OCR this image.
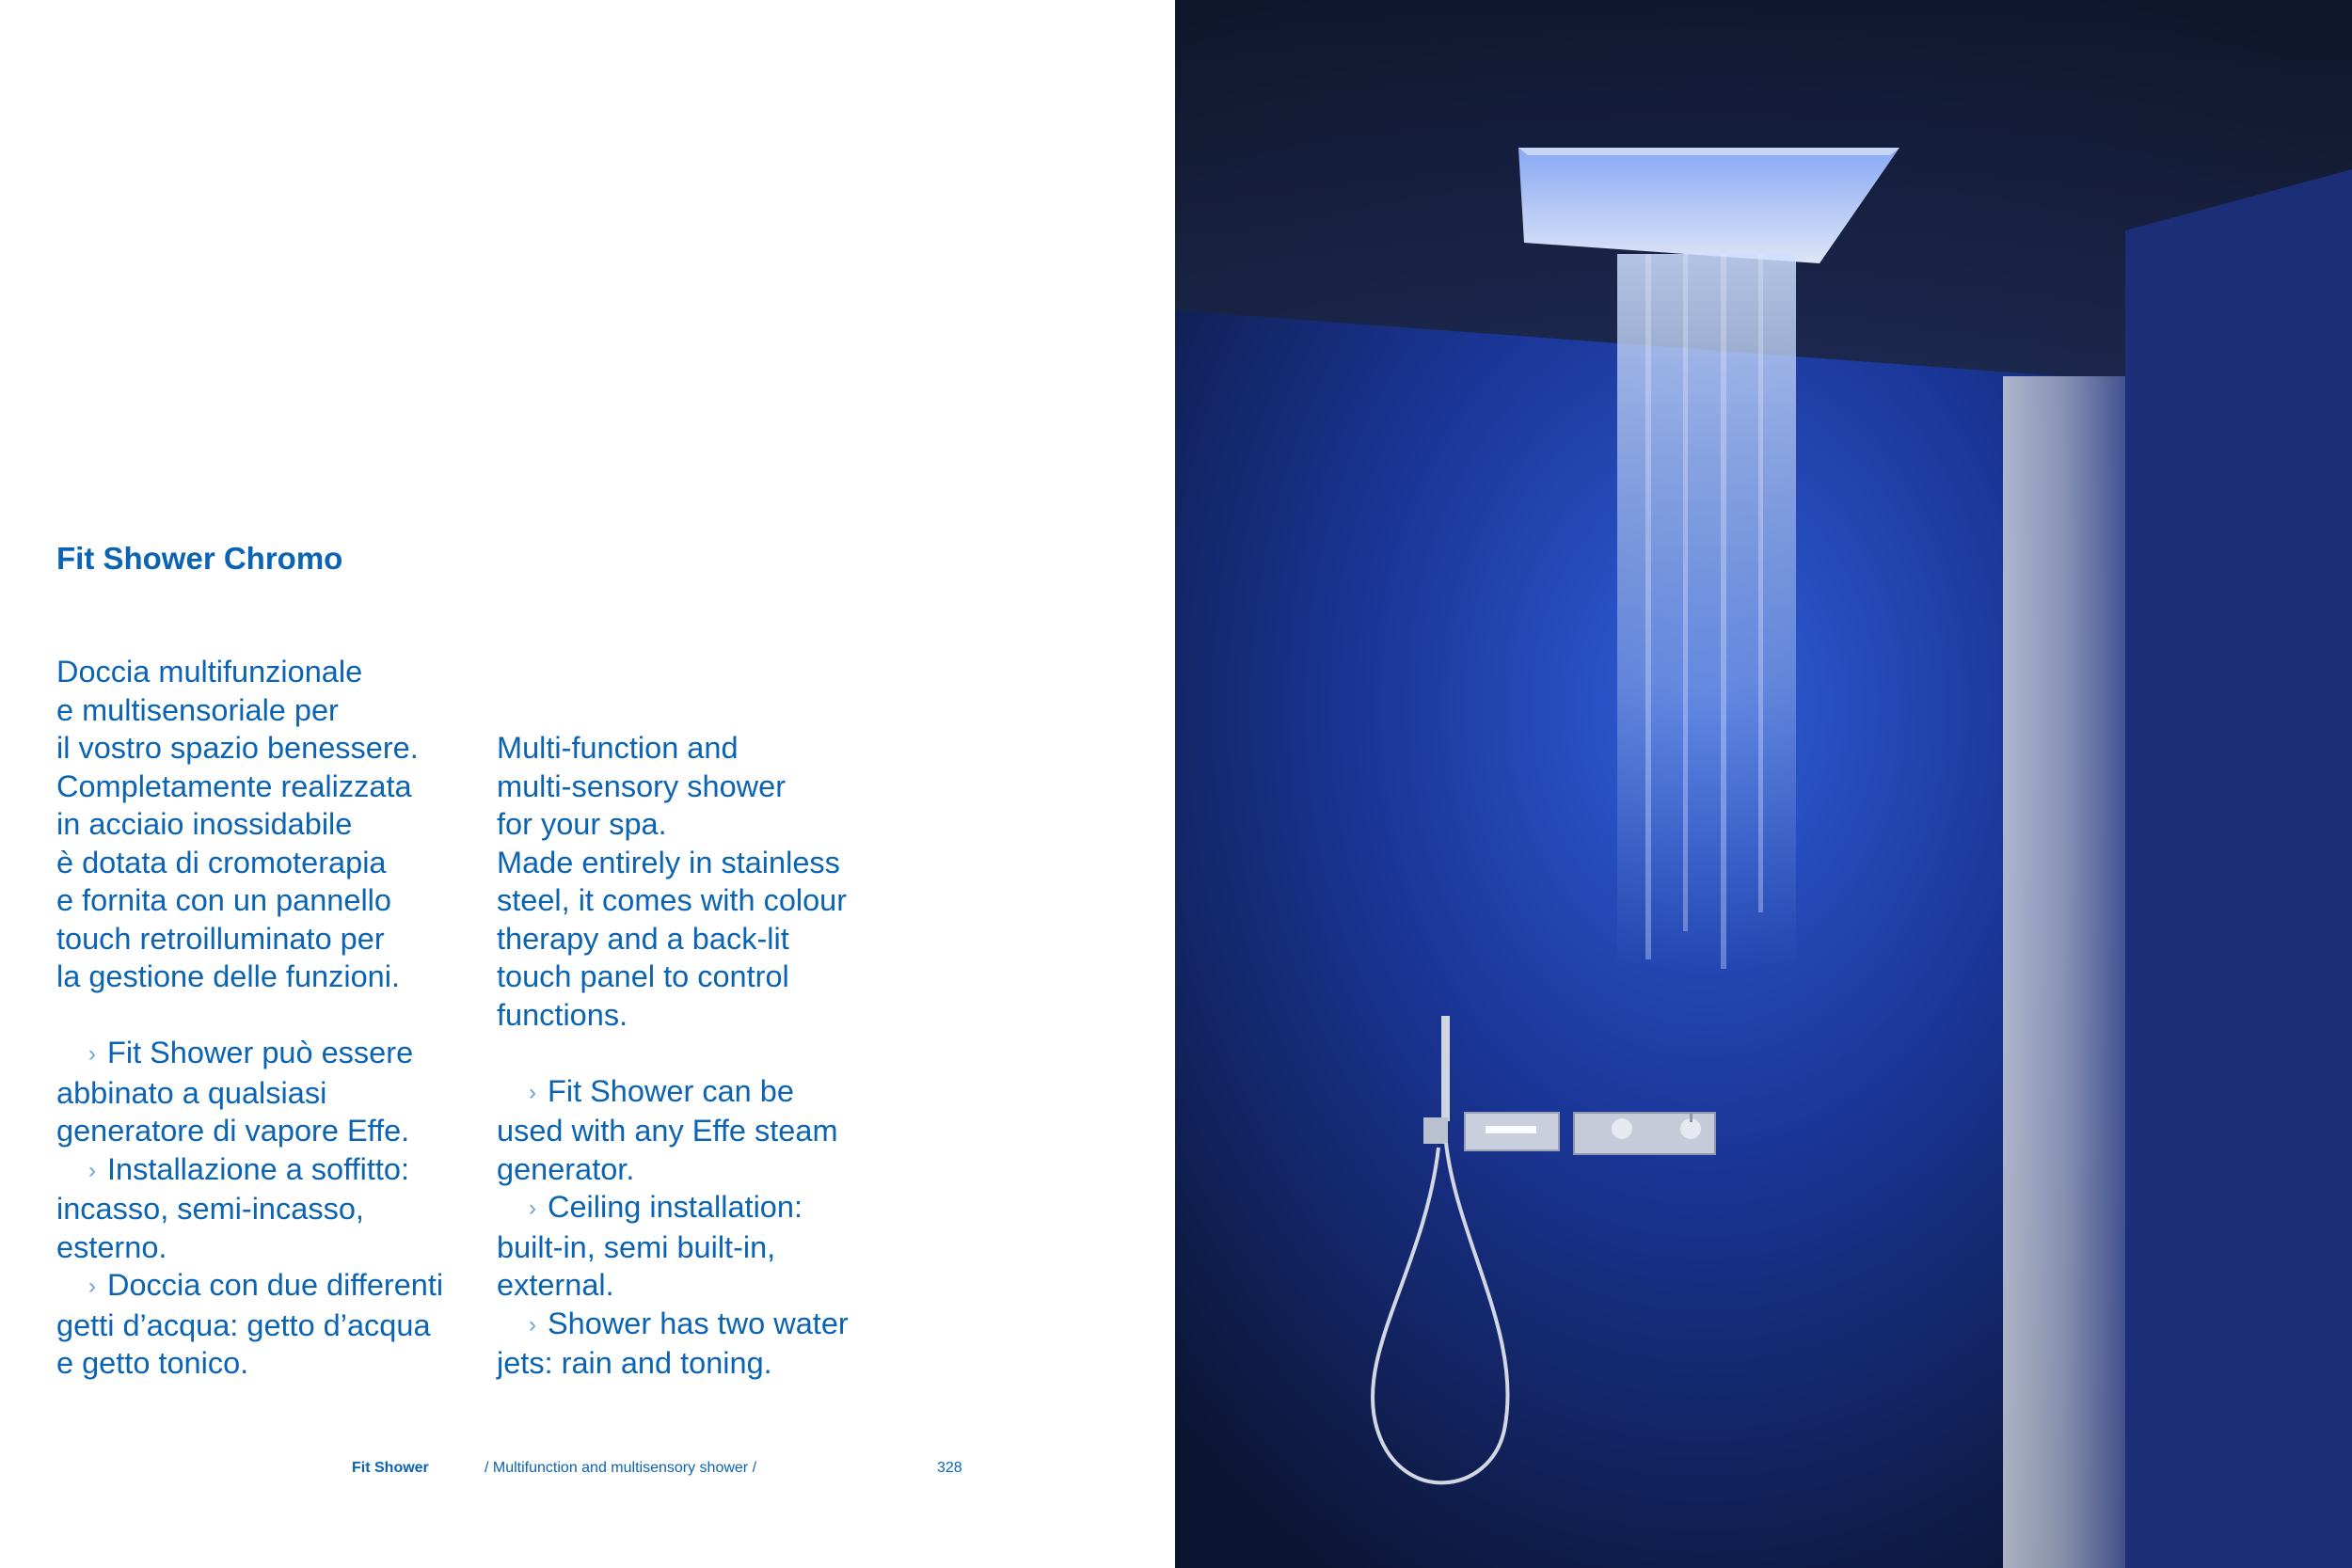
Fit Shower Chromo

Doccia multifunzionale
e multisensoriale per
il vostro spazio benessere.
Completamente realizzata
in acciaio inossidabile
è dotata di cromoterapia
e fornita con un pannello
touch retroilluminato per
la gestione delle funzioni.

› Fit Shower può essere
abbinato a qualsiasi
generatore di vapore Effe.
› Installazione a soffitto:
incasso, semi-incasso,
esterno.
› Doccia con due differenti
getti d’acqua: getto d’acqua
e getto tonico.

Multi-function and
multi-sensory shower
for your spa.
Made entirely in stainless
steel, it comes with colour
therapy and a back-lit
touch panel to control
functions.

› Fit Shower can be
used with any Effe steam
generator.
› Ceiling installation:
built-in, semi built-in,
external.
› Shower has two water
jets: rain and toning.
Fit Shower	/ Multifunction and multisensory shower /	328
